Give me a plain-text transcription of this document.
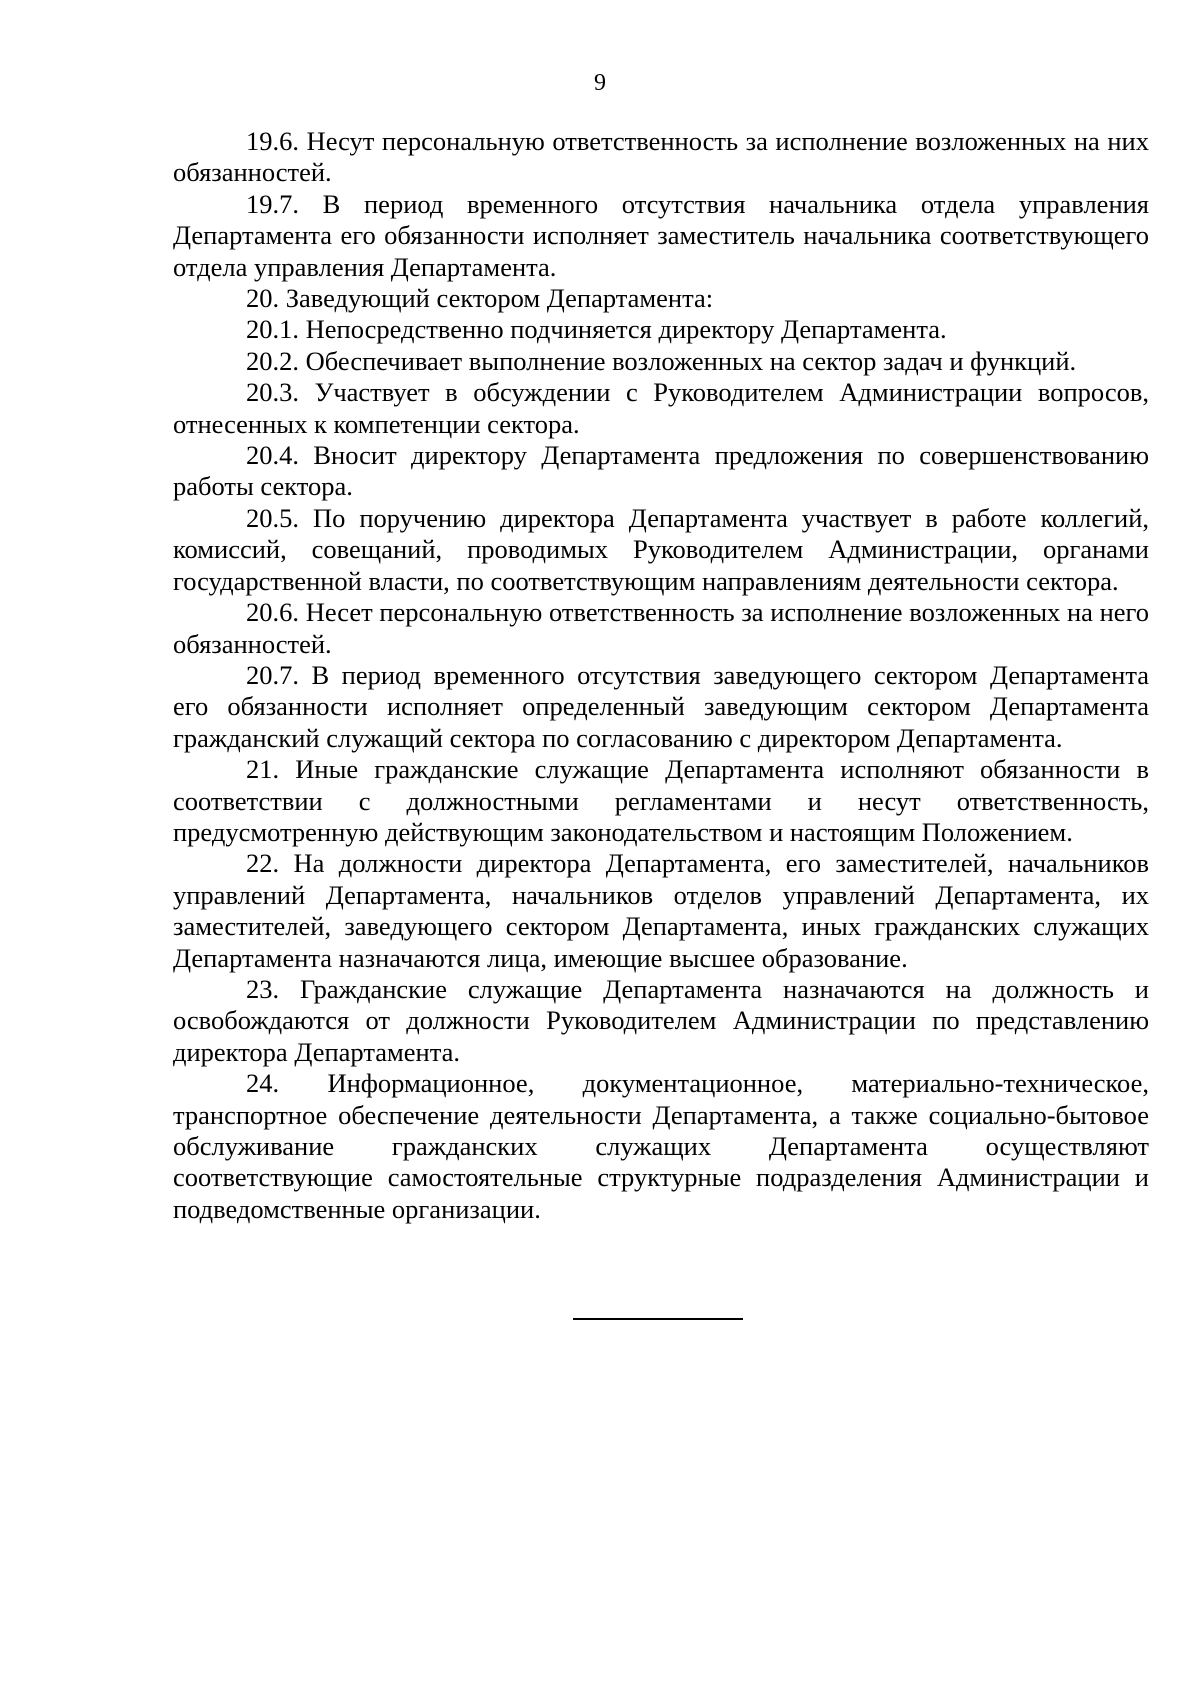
9

19.6. Несут персональную ответственность за исполнение возложенных на них обязанностей.

19.7. В период временного отсутствия начальника отдела управления Департамента его обязанности исполняет заместитель начальника соответствующего отдела управления Департамента.

20. Заведующий сектором Департамента:

20.1. Непосредственно подчиняется директору Департамента.

20.2. Обеспечивает выполнение возложенных на сектор задач и функций.

20.3. Участвует в обсуждении с Руководителем Администрации вопросов, отнесенных к компетенции сектора.

20.4. Вносит директору Департамента предложения по совершенствованию работы сектора.

20.5. По поручению директора Департамента участвует в работе коллегий, комиссий, совещаний, проводимых Руководителем Администрации, органами государственной власти, по соответствующим направлениям деятельности сектора.

20.6. Несет персональную ответственность за исполнение возложенных на него обязанностей.

20.7. В период временного отсутствия заведующего сектором Департамента его обязанности исполняет определенный заведующим сектором Департамента гражданский служащий сектора по согласованию с директором Департамента.

21. Иные гражданские служащие Департамента исполняют обязанности в соответствии с должностными регламентами и несут ответственность, предусмотренную действующим законодательством и настоящим Положением.

22. На должности директора Департамента, его заместителей, начальников управлений Департамента, начальников отделов управлений Департамента, их заместителей, заведующего сектором Департамента, иных гражданских служащих Департамента назначаются лица, имеющие высшее образование.

23. Гражданские служащие Департамента назначаются на должность и освобождаются от должности Руководителем Администрации по представлению директора Департамента.

24. Информационное, документационное, материально-техническое, транспортное обеспечение деятельности Департамента, а также социально-бытовое обслуживание гражданских служащих Департамента осуществляют соответствующие самостоятельные структурные подразделения Администрации и подведомственные организации.
